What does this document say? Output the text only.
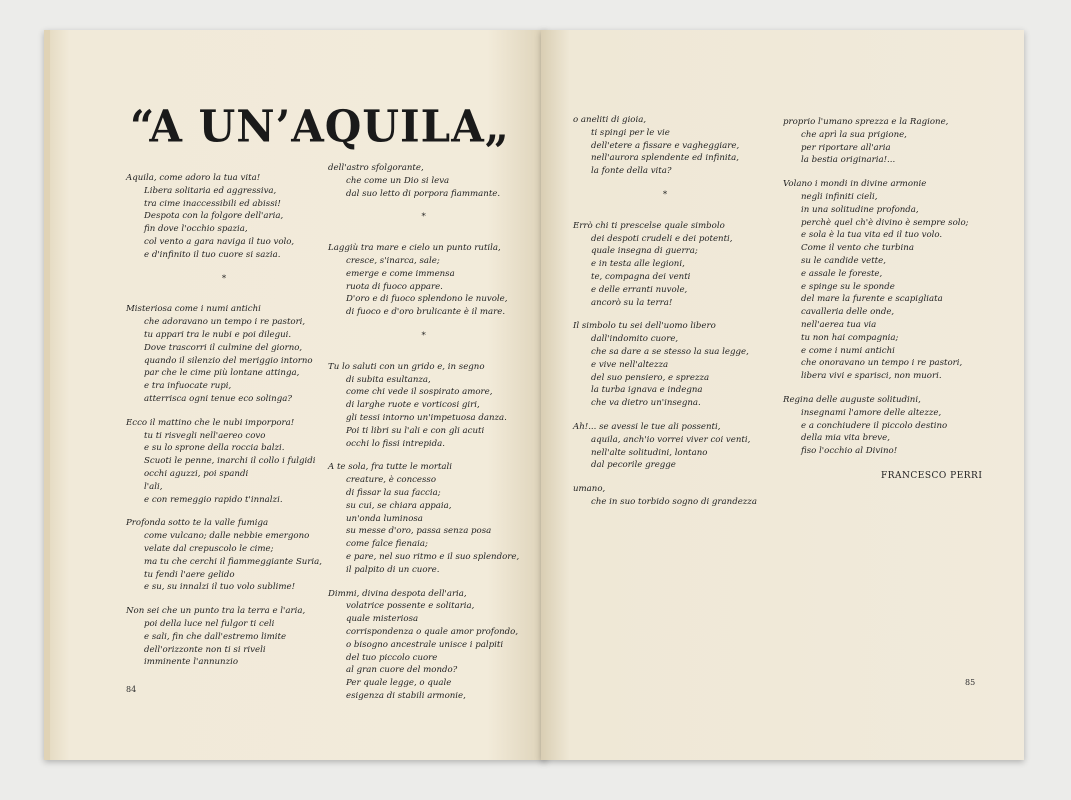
“A UN’AQUILA„
Aquila, come adoro la tua vita!
Libera solitaria ed aggressiva,
tra cime inaccessibili ed abissi!
Despota con la folgore dell'aria,
fin dove l'occhio spazia,
col vento a gara naviga il tuo volo,
e d'infinito il tuo cuore si sazia.
*
Misteriosa come i numi antichi
che adoravano un tempo i re pastori,
tu appari tra le nubi e poi dilegui.
Dove trascorri il culmine del giorno,
quando il silenzio del meriggio intorno
par che le cime più lontane attinga,
e tra infuocate rupi,
atterrisca ogni tenue eco solinga?
Ecco il mattino che le nubi imporpora!
tu ti risvegli nell'aereo covo
e su lo sprone della roccia balzi.
Scuoti le penne, inarchi il collo i fulgidi
occhi aguzzi, poi spandi
l'ali,
e con remeggio rapido t'innalzi.
Profonda sotto te la valle fumiga
come vulcano; dalle nebbie emergono
velate dal crepuscolo le cime;
ma tu che cerchi il fiammeggiante Suria,
tu fendi l'aere gelido
e su, su innalzi il tuo volo sublime!
Non sei che un punto tra la terra e l'aria,
poi della luce nel fulgor ti celi
e sali, fin che dall'estremo limite
dell'orizzonte non ti si riveli
imminente l'annunzio
dell'astro sfolgorante,
che come un Dio si leva
dal suo letto di porpora fiammante.
*
Laggiù tra mare e cielo un punto rutila,
cresce, s'inarca, sale;
emerge e come immensa
ruota di fuoco appare.
D'oro e di fuoco splendono le nuvole,
di fuoco e d'oro brulicante è il mare.
*
Tu lo saluti con un grido e, in segno
di subita esultanza,
come chi vede il sospirato amore,
di larghe ruote e vorticosi giri,
gli tessi intorno un'impetuosa danza.
Poi ti libri su l'ali e con gli acuti
occhi lo fissi intrepida.
A te sola, fra tutte le mortali
creature, è concesso
di fissar la sua faccia;
su cui, se chiara appaia,
un'onda luminosa
su messe d'oro, passa senza posa
come falce fienaia;
e pare, nel suo ritmo e il suo splendore,
il palpito di un cuore.
Dimmi, divina despota dell'aria,
volatrice possente e solitaria,
quale misteriosa
corrispondenza o quale amor profondo,
o bisogno ancestrale unisce i palpiti
del tuo piccolo cuore
al gran cuore del mondo?
Per quale legge, o quale
esigenza di stabili armonie,
84
o aneliti di gioia,
ti spingi per le vie
dell'etere a fissare e vagheggiare,
nell'aurora splendente ed infinita,
la fonte della vita?
*
Errò chi ti prescelse quale simbolo
dei despoti crudeli e dei potenti,
quale insegna di guerra;
e in testa alle legioni,
te, compagna dei venti
e delle erranti nuvole,
ancorò su la terra!
Il simbolo tu sei dell'uomo libero
dall'indomito cuore,
che sa dare a se stesso la sua legge,
e vive nell'altezza
del suo pensiero, e sprezza
la turba ignava e indegna
che va dietro un'insegna.
Ah!... se avessi le tue ali possenti,
aquila, anch'io vorrei viver coi venti,
nell'alte solitudini, lontano
dal pecorile gregge
umano,
che in suo torbido sogno di grandezza
proprio l'umano sprezza e la Ragione,
che aprì la sua prigione,
per riportare all'aria
la bestia originaria!...
Volano i mondi in divine armonie
negli infiniti cieli,
in una solitudine profonda,
perchè quel ch'è divino è sempre solo;
e sola è la tua vita ed il tuo volo.
Come il vento che turbina
su le candide vette,
e assale le foreste,
e spinge su le sponde
del mare la furente e scapigliata
cavalleria delle onde,
nell'aerea tua via
tu non hai compagnia;
e come i numi antichi
che onoravano un tempo i re pastori,
libera vivi e sparisci, non muori.
Regina delle auguste solitudini,
insegnami l'amore delle altezze,
e a conchiudere il piccolo destino
della mia vita breve,
fiso l'occhio al Divino!
FRANCESCO PERRI
85
